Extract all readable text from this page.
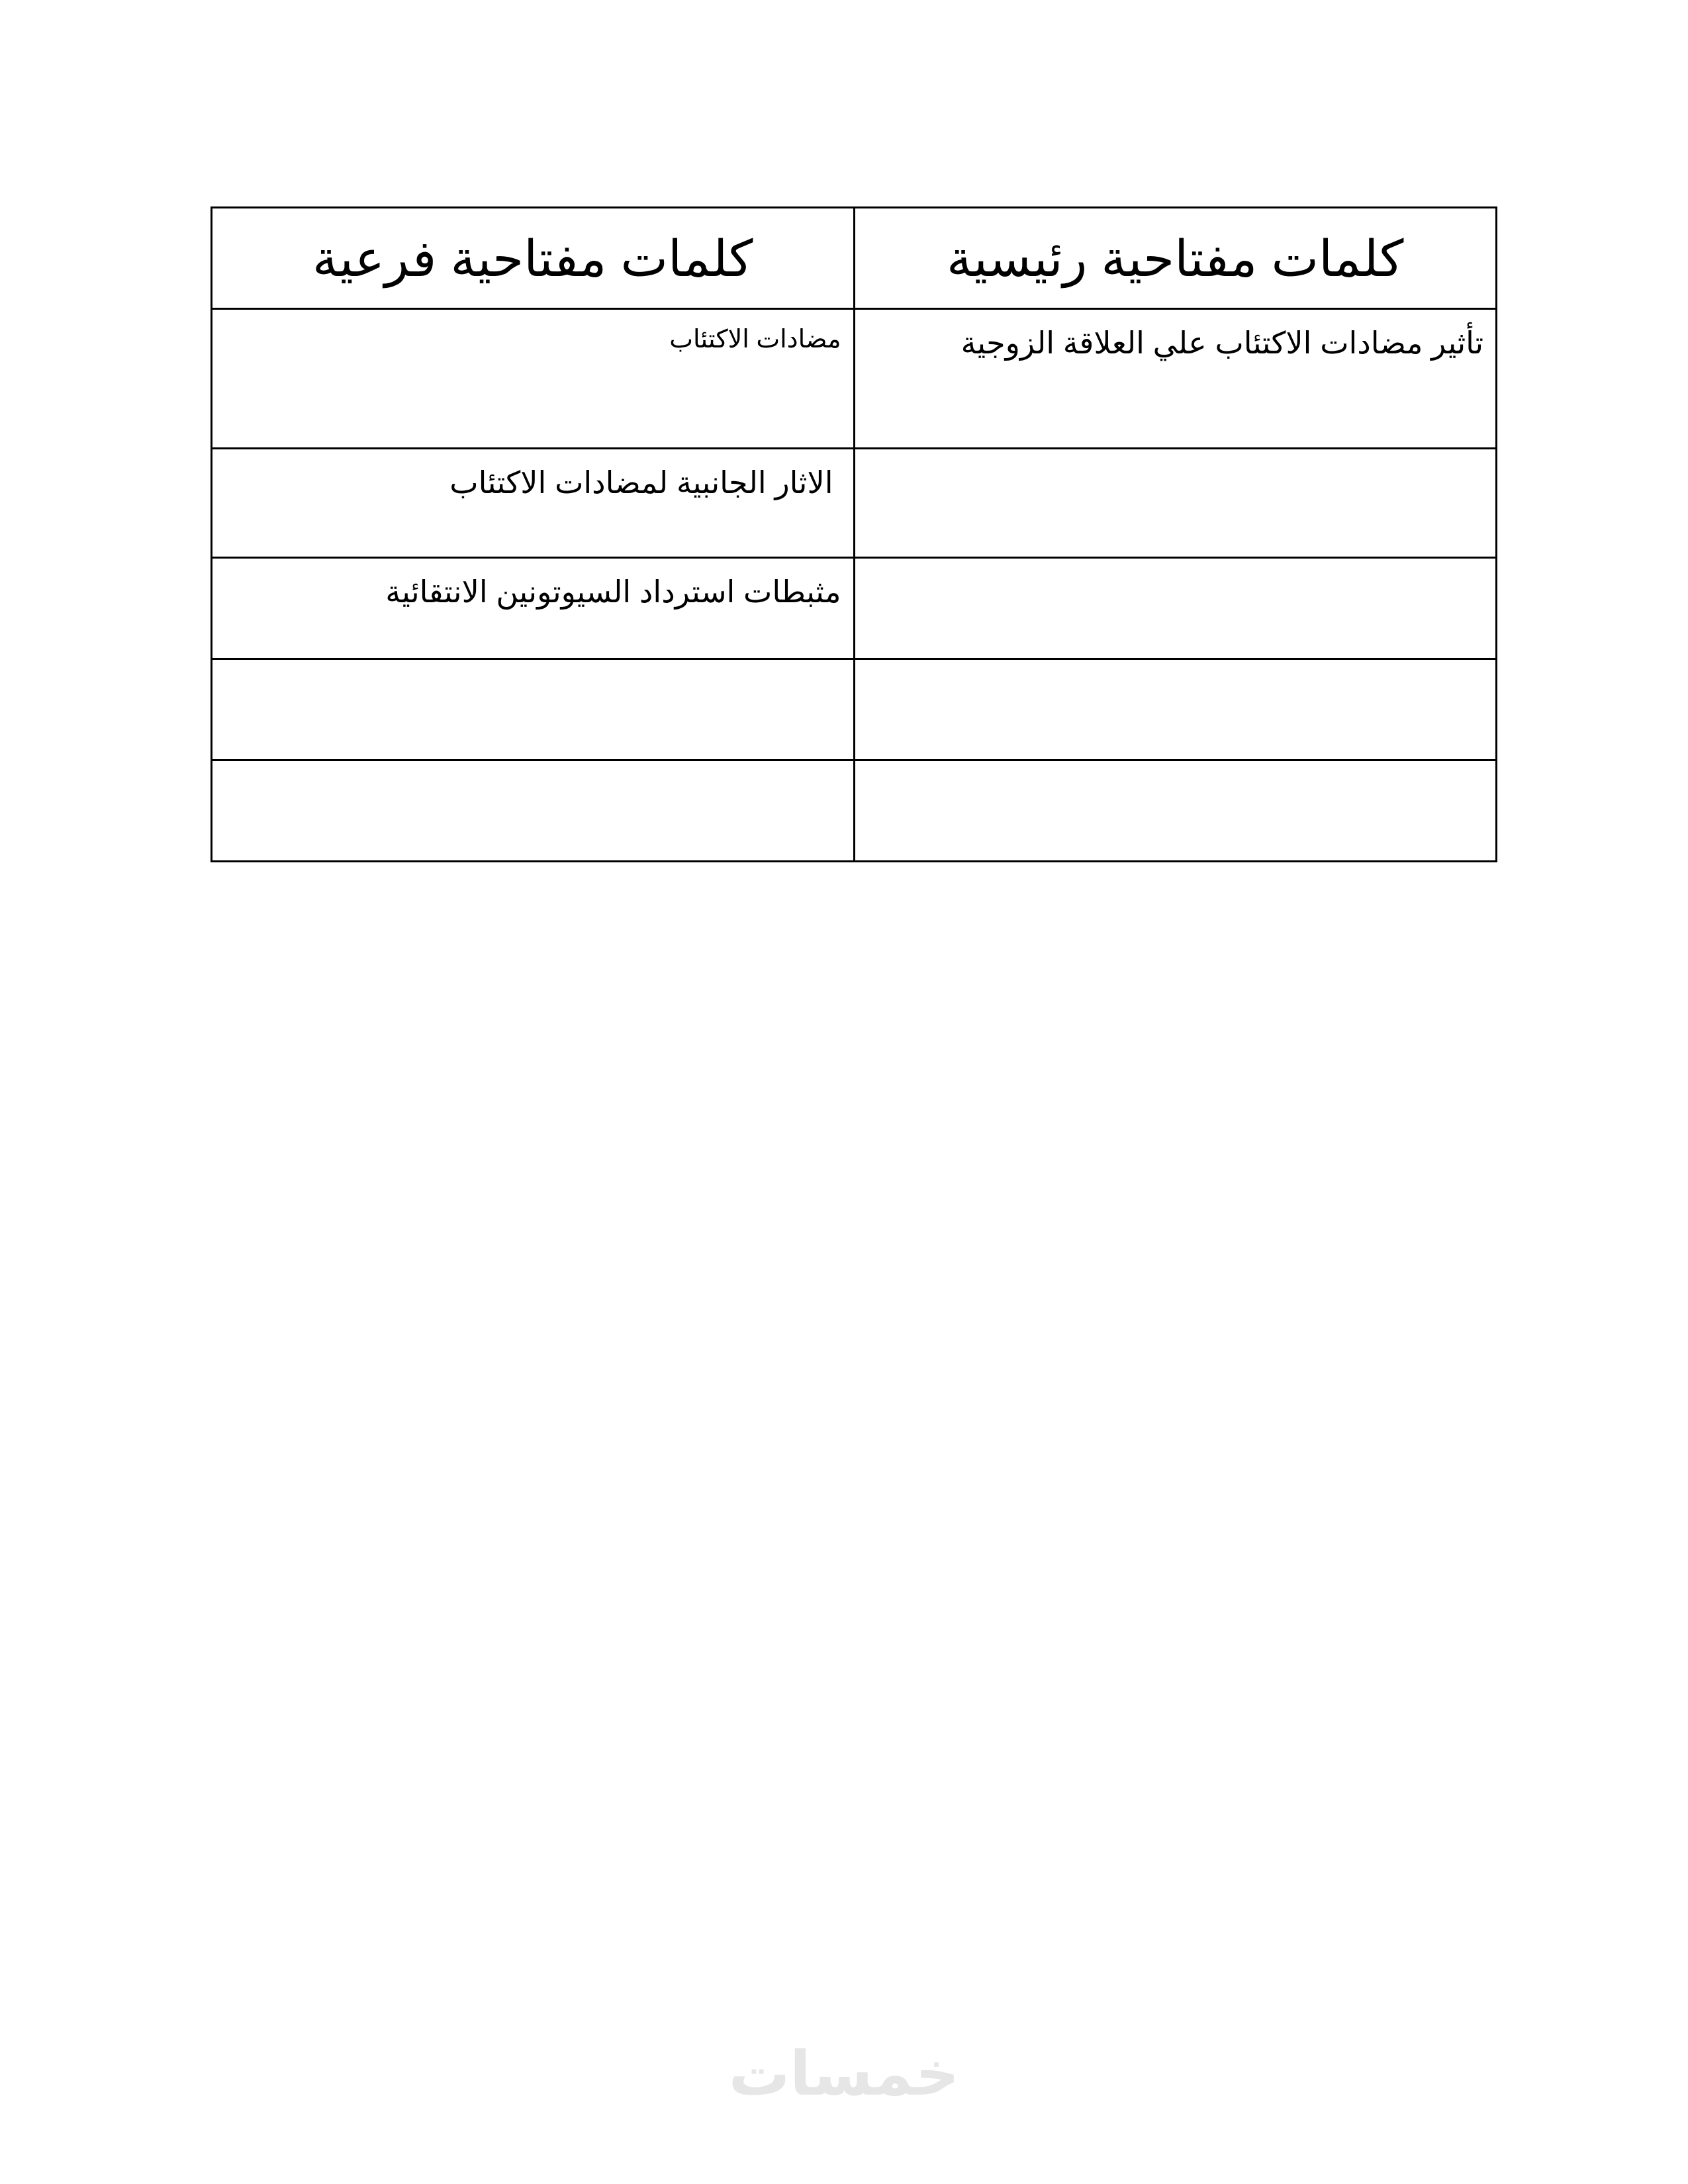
كلمات مفتاحية رئيسية	كلمات مفتاحية فرعية

تأثير مضادات الاكتئاب علي العلاقة الزوجية	مضادات الاكتئاب

	الاثار الجانبية لمضادات الاكتئاب

	مثبطات استرداد السيوتونين الانتقائية

خمسات
